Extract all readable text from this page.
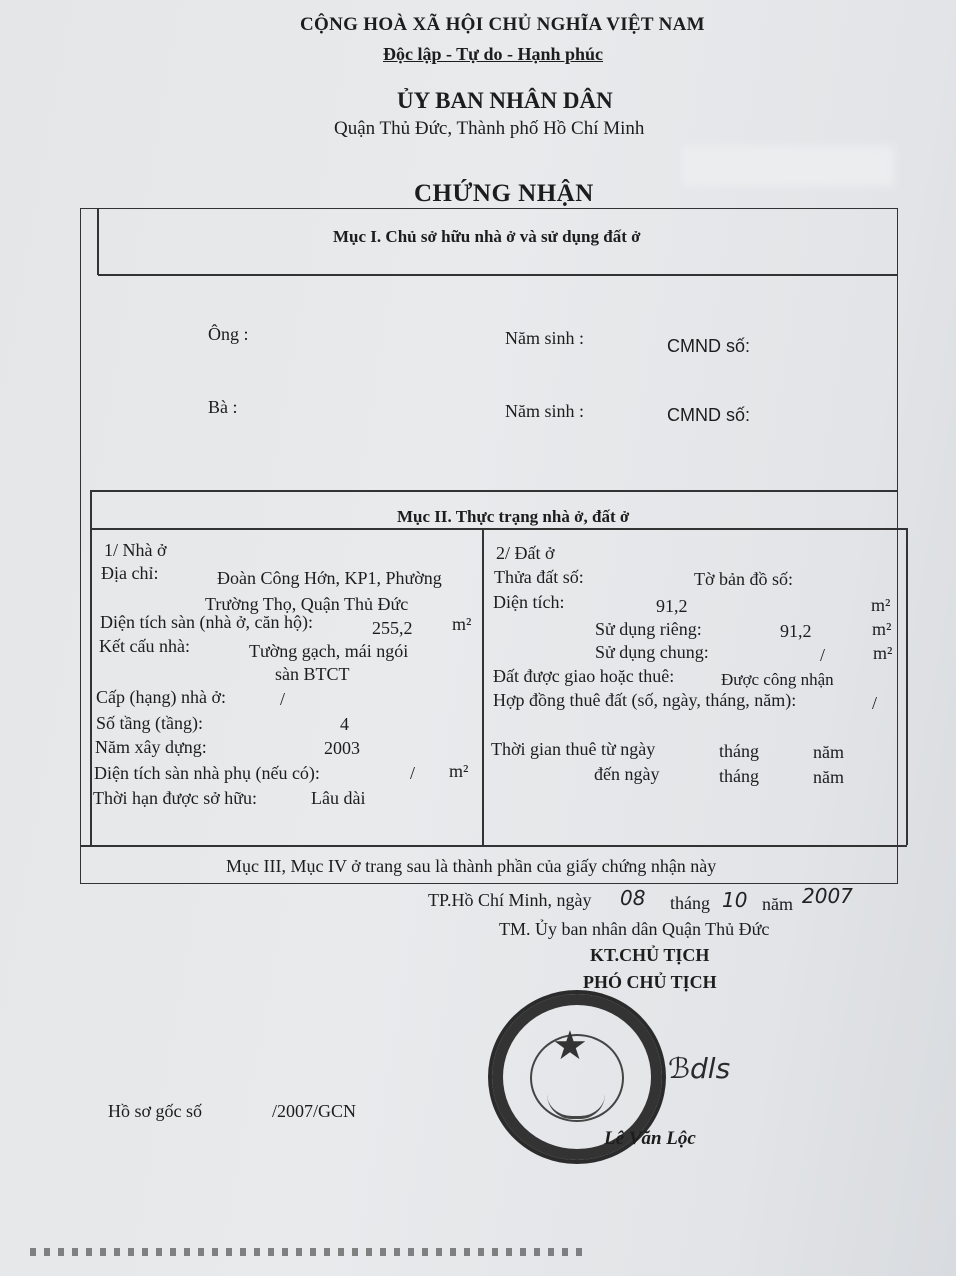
CỘNG HOÀ XÃ HỘI CHỦ NGHĨA VIỆT NAM
Độc lập - Tự do - Hạnh phúc
ỦY BAN NHÂN DÂN
Quận Thủ Đức, Thành phố Hồ Chí Minh
CHỨNG NHẬN
Mục I. Chủ sở hữu nhà ở và sử dụng đất ở
Ông :	Năm sinh :	CMND số:
Bà :	Năm sinh :	CMND số:
Mục II. Thực trạng nhà ở, đất ở
1/ Nhà ở
Địa chỉ:	Đoàn Công Hớn, KP1, Phường
Trường Thọ, Quận Thủ Đức
Diện tích sàn (nhà ở, căn hộ):	255,2 m²
Kết cấu nhà:	Tường gạch, mái ngói
sàn BTCT
Cấp (hạng) nhà ở:	/
Số tầng (tầng):	4
Năm xây dựng:	2003
Diện tích sàn nhà phụ (nếu có):	/ m²
Thời hạn được sở hữu:	Lâu dài
2/ Đất ở
Thửa đất số:	Tờ bản đồ số:
Diện tích:	91,2	m²
Sử dụng riêng:	91,2	m²
Sử dụng chung:	/	m²
Đất được giao hoặc thuê:	Được công nhận
Hợp đồng thuê đất (số, ngày, tháng, năm):	/
Thời gian thuê từ ngày	tháng	năm
đến ngày	tháng	năm
Mục III, Mục IV ở trang sau là thành phần của giấy chứng nhận này
TP.Hồ Chí Minh, ngày 08 tháng 10 năm 2007
TM. Ủy ban nhân dân Quận Thủ Đức
KT.CHỦ TỊCH
PHÓ CHỦ TỊCH
★
ℬdls
Lê Văn Lộc
Hồ sơ gốc số	/2007/GCN
